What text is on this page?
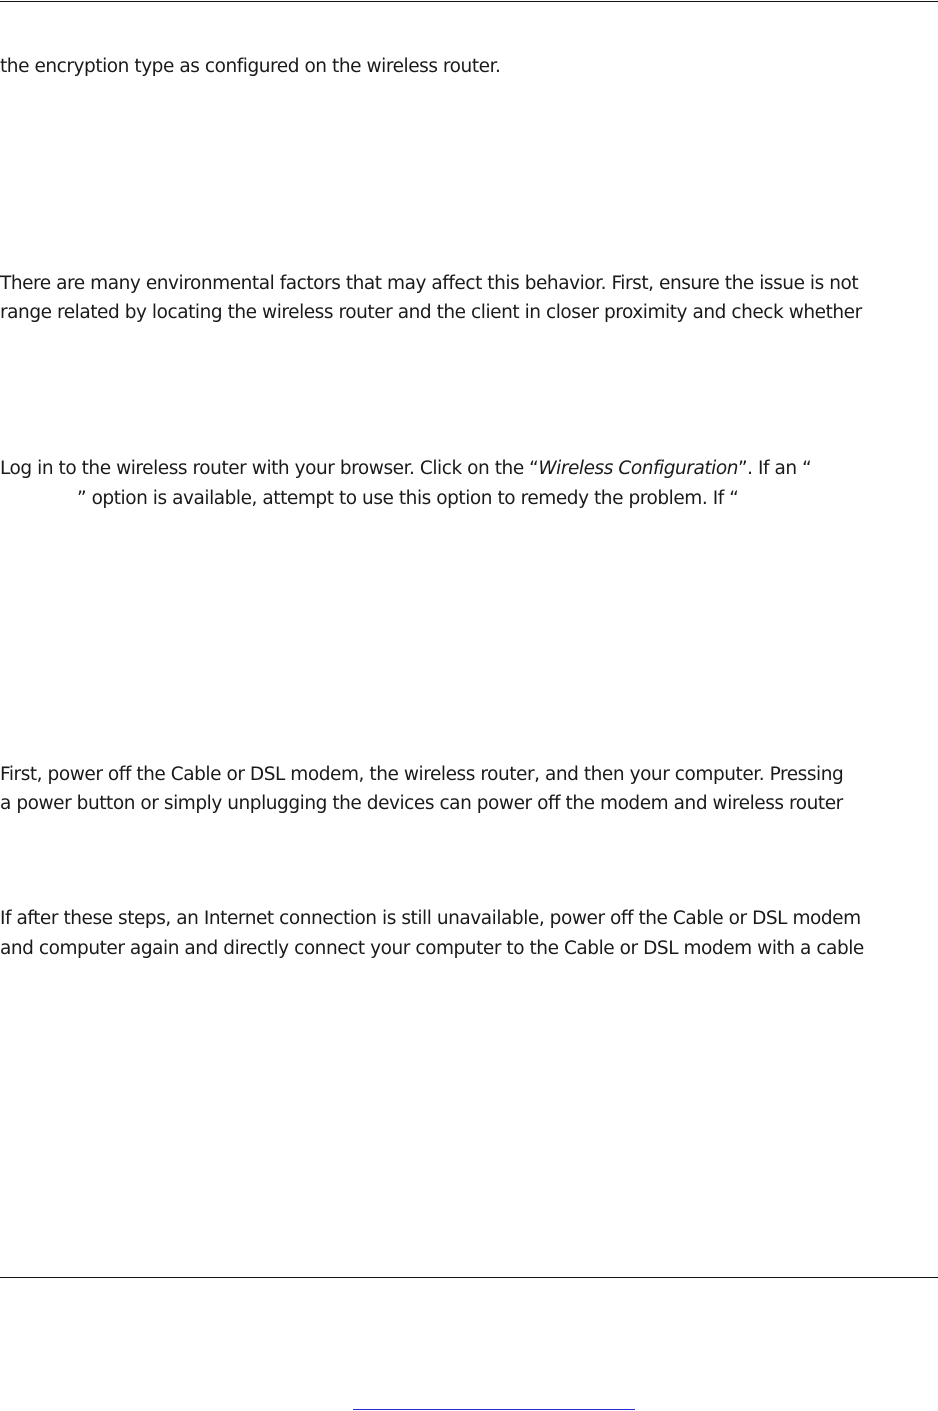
the encryption type as configured on the wireless router.
There are many environmental factors that may affect this behavior. First, ensure the issue is not
range related by locating the wireless router and the client in closer proximity and check whether
Log in to the wireless router with your browser. Click on the “Wireless Configuration”. If an “
” option is available, attempt to use this option to remedy the problem. If “
First, power off the Cable or DSL modem, the wireless router, and then your computer. Pressing
a power button or simply unplugging the devices can power off the modem and wireless router
If after these steps, an Internet connection is still unavailable, power off the Cable or DSL modem
and computer again and directly connect your computer to the Cable or DSL modem with a cable
